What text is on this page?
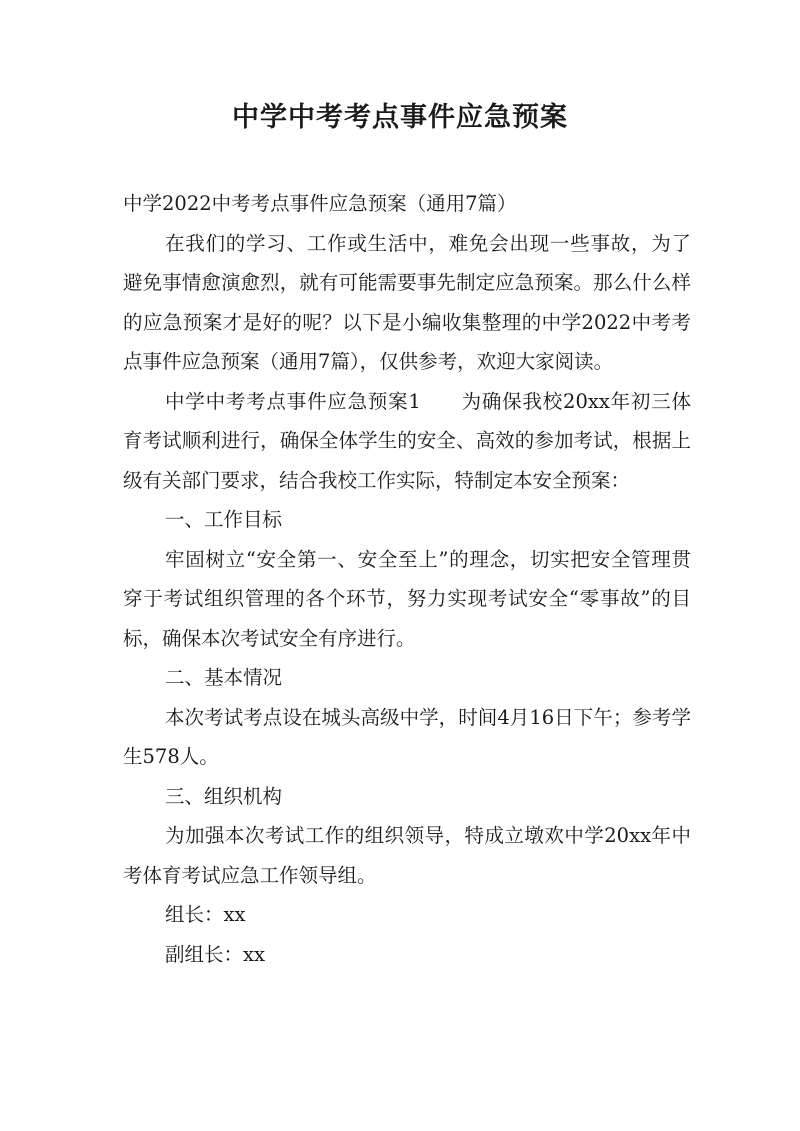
中学中考考点事件应急预案

中学2022中考考点事件应急预案（通用7篇）

在我们的学习、工作或生活中，难免会出现一些事故，为了避免事情愈演愈烈，就有可能需要事先制定应急预案。那么什么样的应急预案才是好的呢？以下是小编收集整理的中学2022中考考点事件应急预案（通用7篇），仅供参考，欢迎大家阅读。

中学中考考点事件应急预案1 为确保我校20xx年初三体育考试顺利进行，确保全体学生的安全、高效的参加考试，根据上级有关部门要求，结合我校工作实际，特制定本安全预案：

一、工作目标

牢固树立“安全第一、安全至上”的理念，切实把安全管理贯穿于考试组织管理的各个环节，努力实现考试安全“零事故”的目标，确保本次考试安全有序进行。

二、基本情况

本次考试考点设在城头高级中学，时间4月16日下午；参考学生578人。

三、组织机构

为加强本次考试工作的组织领导，特成立墩欢中学20xx年中考体育考试应急工作领导组。

组长：xx

副组长：xx
